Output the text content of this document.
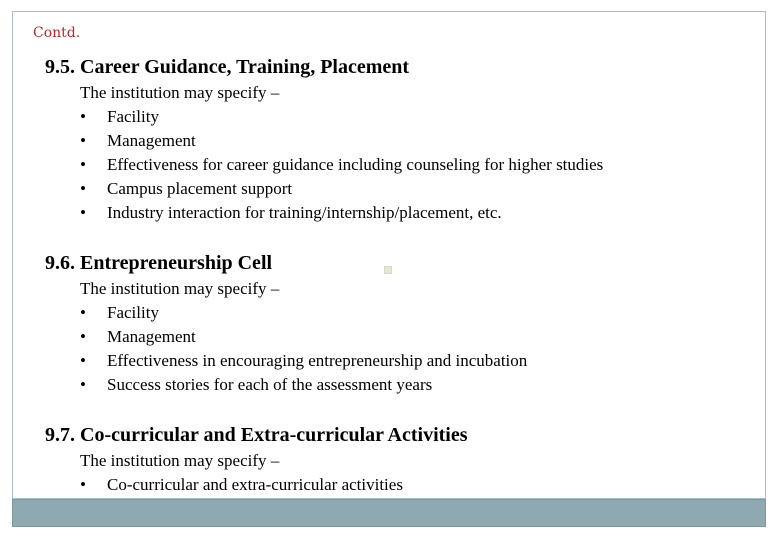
Contd.
9.5. Career Guidance, Training, Placement
The institution may specify –
• Facility
• Management
• Effectiveness for career guidance including counseling for higher studies
• Campus placement support
• Industry interaction for training/internship/placement, etc.
9.6. Entrepreneurship Cell
The institution may specify –
• Facility
• Management
• Effectiveness in encouraging entrepreneurship and incubation
• Success stories for each of the assessment years
9.7. Co-curricular and Extra-curricular Activities
The institution may specify –
• Co-curricular and extra-curricular activities
